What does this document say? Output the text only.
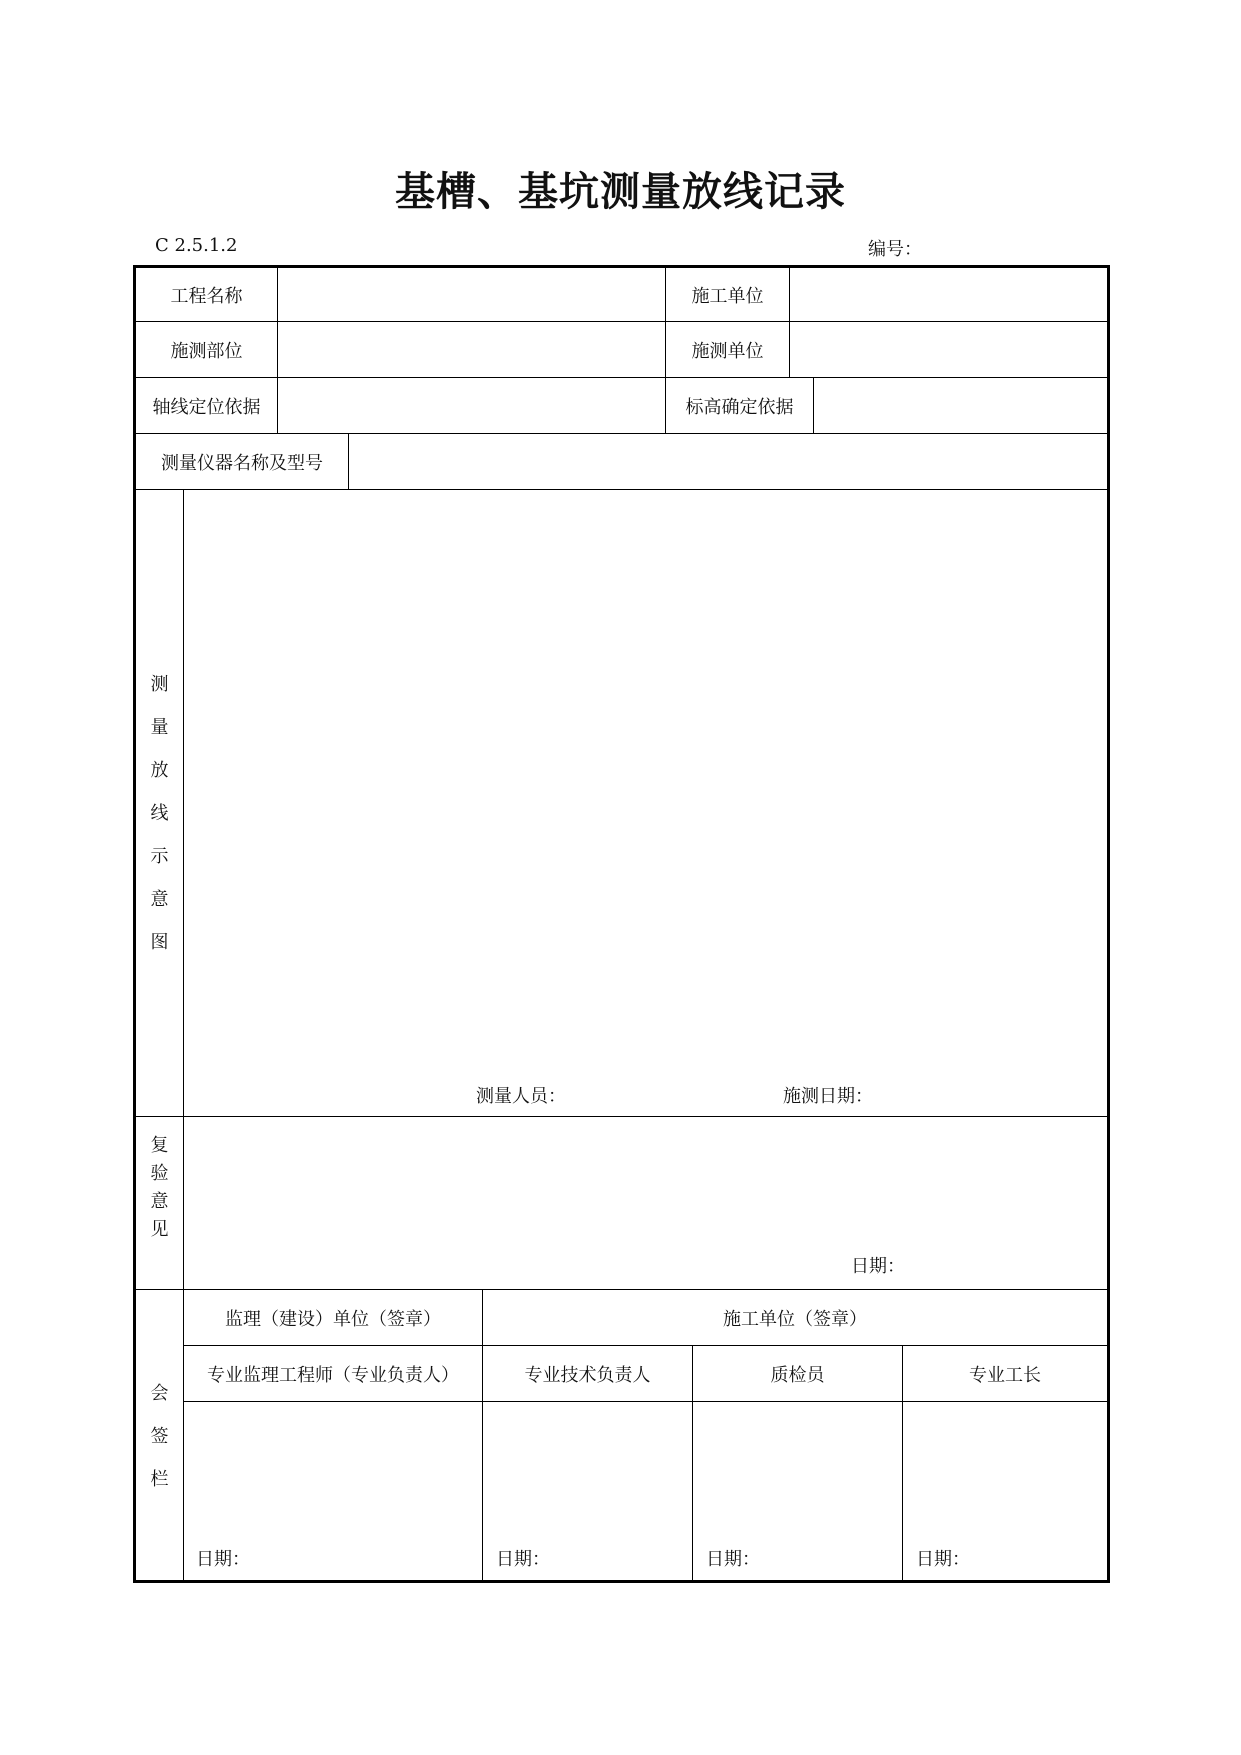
基槽、基坑测量放线记录
C 2.5.1.2	编号：
工程名称	施工单位
施测部位	施测单位
轴线定位依据	标高确定依据
测量仪器名称及型号
测
量
放
线
示
意
图
测量人员：	施测日期：
复
验
意
见
日期：
会
签
栏
监理（建设）单位（签章）	施工单位（签章）
专业监理工程师（专业负责人）	专业技术负责人	质检员	专业工长
日期：	日期：	日期：	日期：
